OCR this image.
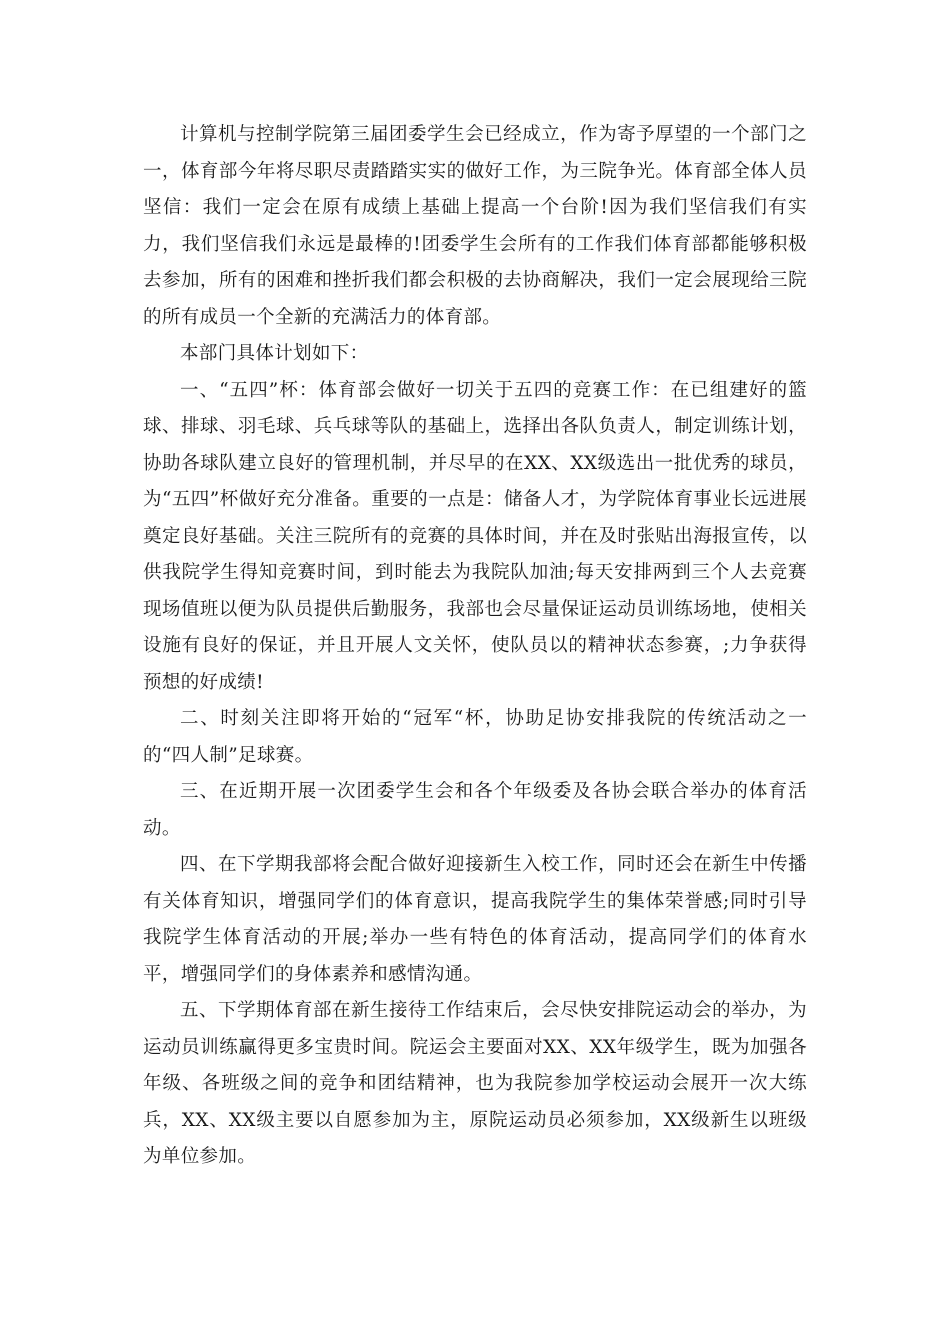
计算机与控制学院第三届团委学生会已经成立，作为寄予厚望的一个部门之一，体育部今年将尽职尽责踏踏实实的做好工作，为三院争光。体育部全体人员坚信：我们一定会在原有成绩上基础上提高一个台阶!因为我们坚信我们有实力，我们坚信我们永远是最棒的!团委学生会所有的工作我们体育部都能够积极去参加，所有的困难和挫折我们都会积极的去协商解决，我们一定会展现给三院的所有成员一个全新的充满活力的体育部。

本部门具体计划如下：

一、“五四”杯：体育部会做好一切关于五四的竞赛工作：在已组建好的篮球、排球、羽毛球、兵乓球等队的基础上，选择出各队负责人，制定训练计划，协助各球队建立良好的管理机制，并尽早的在XX、XX级选出一批优秀的球员，为“五四”杯做好充分准备。重要的一点是：储备人才，为学院体育事业长远进展奠定良好基础。关注三院所有的竞赛的具体时间，并在及时张贴出海报宣传，以供我院学生得知竞赛时间，到时能去为我院队加油;每天安排两到三个人去竞赛现场值班以便为队员提供后勤服务，我部也会尽量保证运动员训练场地，使相关设施有良好的保证，并且开展人文关怀，使队员以的精神状态参赛，;力争获得预想的好成绩!

二、时刻关注即将开始的“冠军“杯，协助足协安排我院的传统活动之一的“四人制”足球赛。

三、在近期开展一次团委学生会和各个年级委及各协会联合举办的体育活动。

四、在下学期我部将会配合做好迎接新生入校工作，同时还会在新生中传播有关体育知识，增强同学们的体育意识，提高我院学生的集体荣誉感;同时引导我院学生体育活动的开展;举办一些有特色的体育活动，提高同学们的体育水平，增强同学们的身体素养和感情沟通。

五、下学期体育部在新生接待工作结束后，会尽快安排院运动会的举办，为运动员训练赢得更多宝贵时间。院运会主要面对XX、XX年级学生，既为加强各年级、各班级之间的竞争和团结精神，也为我院参加学校运动会展开一次大练兵，XX、XX级主要以自愿参加为主，原院运动员必须参加，XX级新生以班级为单位参加。
